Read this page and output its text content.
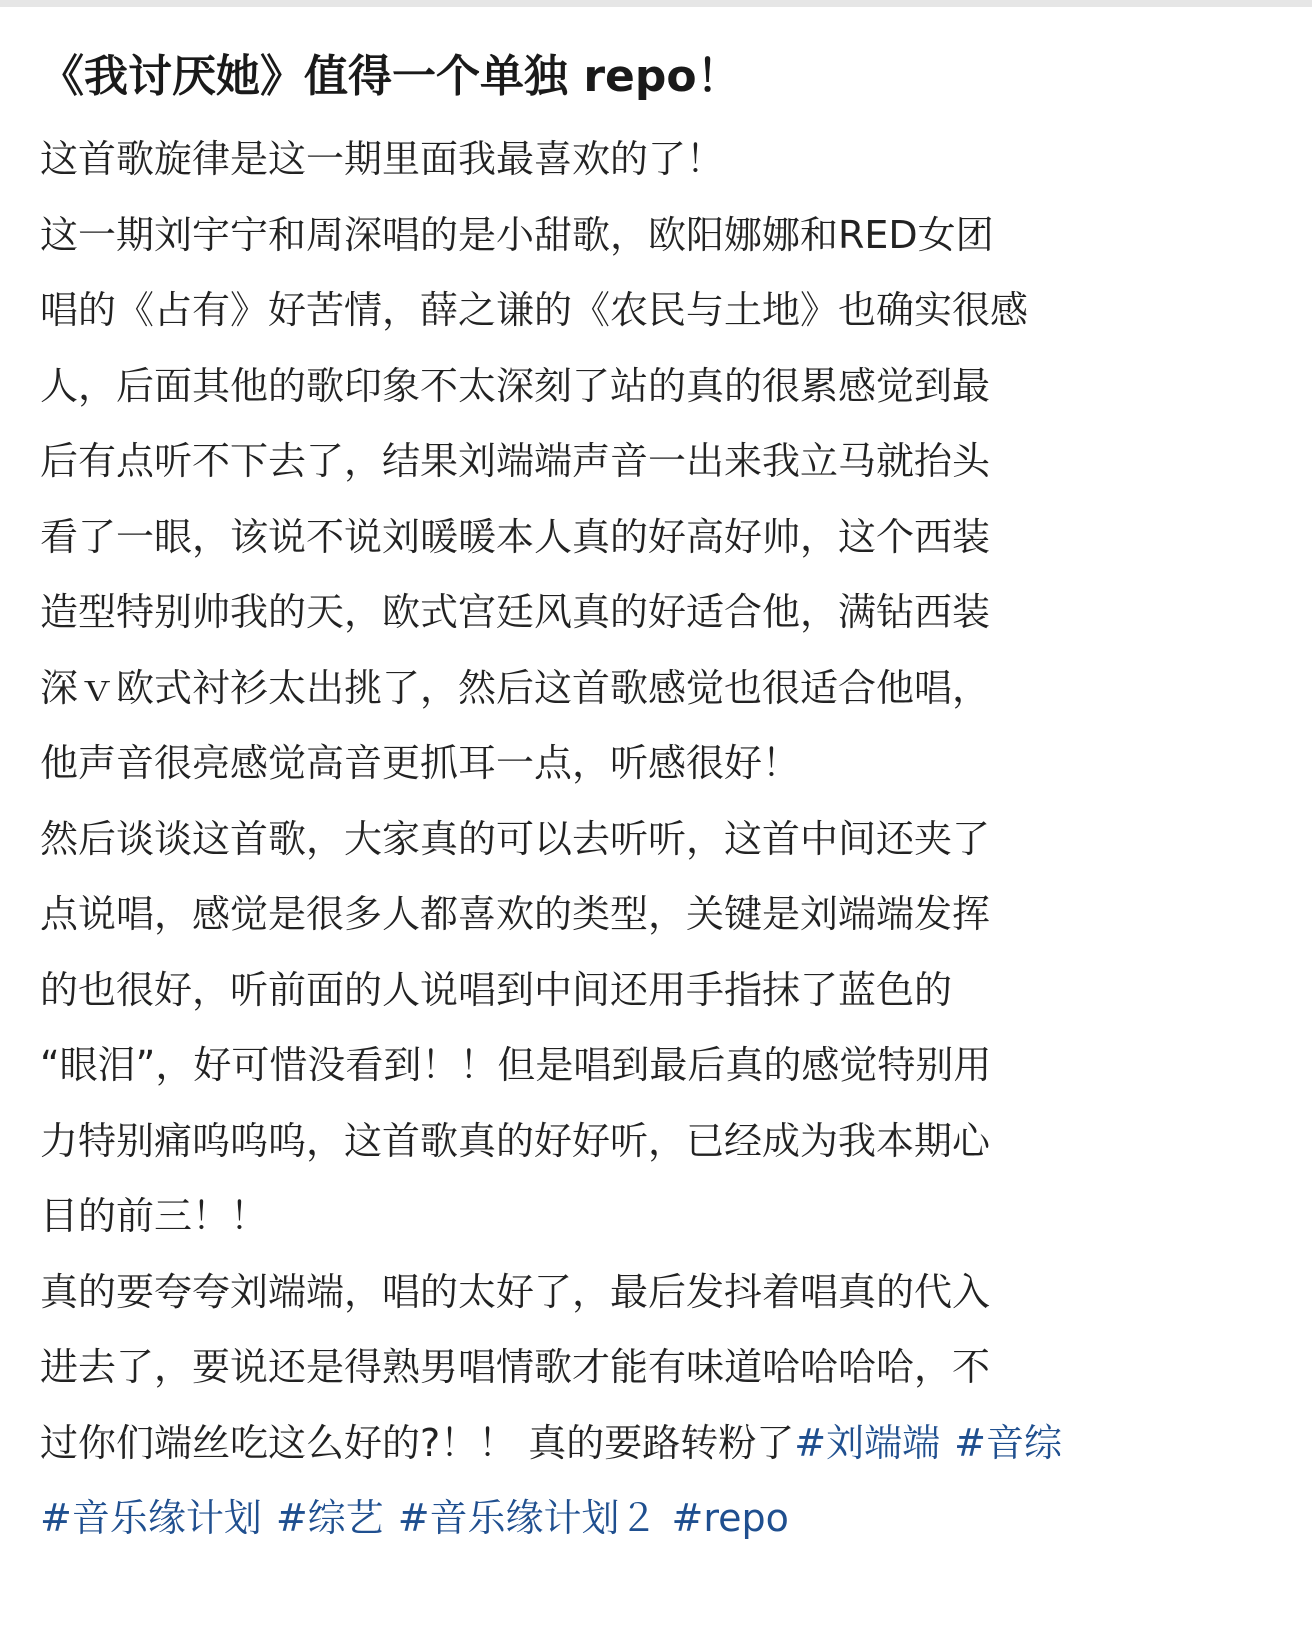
《我讨厌她》值得一个单独 repo！
这首歌旋律是这一期里面我最喜欢的了！
这一期刘宇宁和周深唱的是小甜歌，欧阳娜娜和RED女团
唱的《占有》好苦情，薛之谦的《农民与土地》也确实很感
人，后面其他的歌印象不太深刻了站的真的很累感觉到最
后有点听不下去了，结果刘端端声音一出来我立马就抬头
看了一眼，该说不说刘暖暖本人真的好高好帅，这个西装
造型特别帅我的天，欧式宫廷风真的好适合他，满钻西装
深ｖ欧式衬衫太出挑了，然后这首歌感觉也很适合他唱，
他声音很亮感觉高音更抓耳一点，听感很好！
然后谈谈这首歌，大家真的可以去听听，这首中间还夹了
点说唱，感觉是很多人都喜欢的类型，关键是刘端端发挥
的也很好，听前面的人说唱到中间还用手指抹了蓝色的
“眼泪”，好可惜没看到！！但是唱到最后真的感觉特别用
力特别痛呜呜呜，这首歌真的好好听，已经成为我本期心
目的前三！！
真的要夸夸刘端端，唱的太好了，最后发抖着唱真的代入
进去了，要说还是得熟男唱情歌才能有味道哈哈哈哈，不
过你们端丝吃这么好的?！！ 真的要路转粉了#刘端端 #音综
#音乐缘计划 #综艺 #音乐缘计划２ #repo
